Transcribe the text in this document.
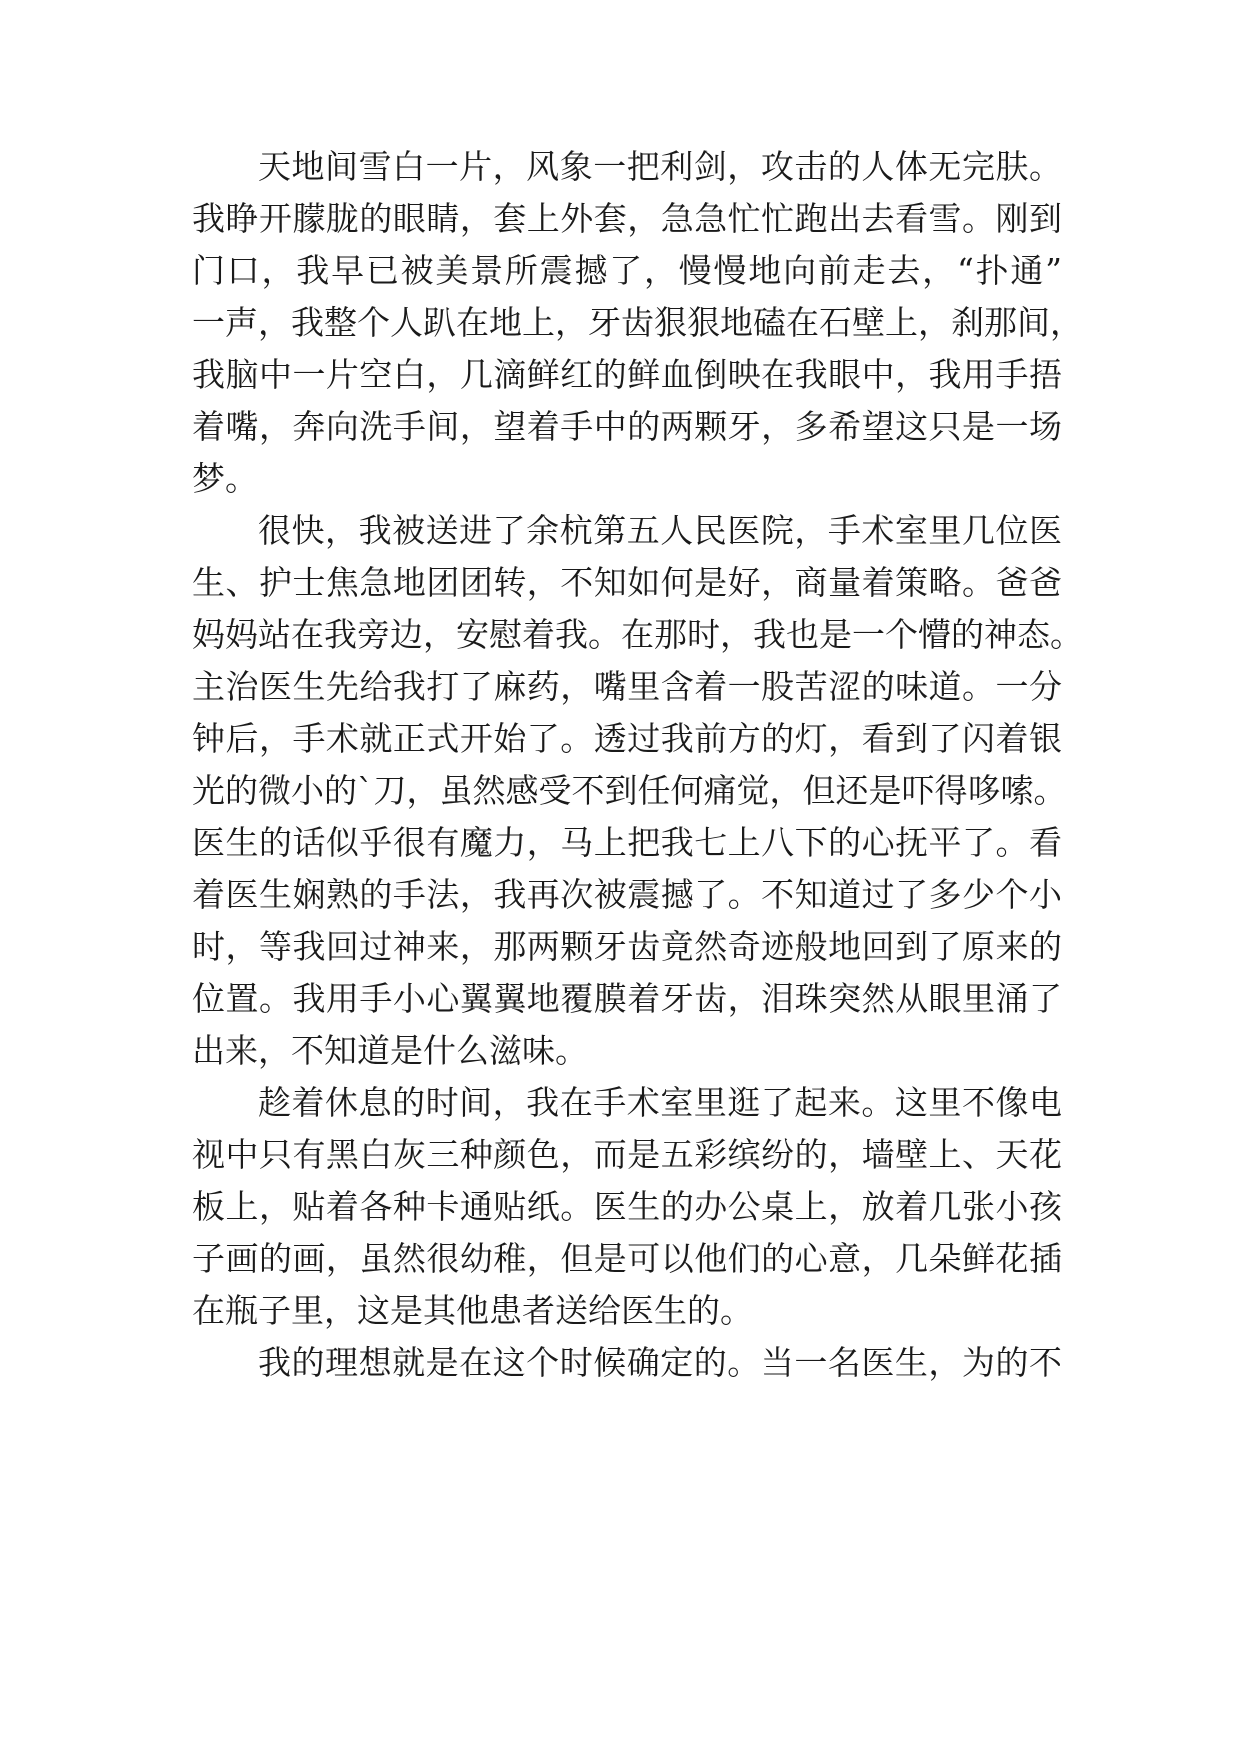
天地间雪白一片，风象一把利剑，攻击的人体无完肤。
我睁开朦胧的眼睛，套上外套，急急忙忙跑出去看雪。刚到
门口，我早已被美景所震撼了，慢慢地向前走去，“扑通”
一声，我整个人趴在地上，牙齿狠狠地磕在石壁上，刹那间，
我脑中一片空白，几滴鲜红的鲜血倒映在我眼中，我用手捂
着嘴，奔向洗手间，望着手中的两颗牙，多希望这只是一场
梦。
很快，我被送进了余杭第五人民医院，手术室里几位医
生、护士焦急地团团转，不知如何是好，商量着策略。爸爸
妈妈站在我旁边，安慰着我。在那时，我也是一个懵的神态。
主治医生先给我打了麻药，嘴里含着一股苦涩的味道。一分
钟后，手术就正式开始了。透过我前方的灯，看到了闪着银
光的微小的`刀，虽然感受不到任何痛觉，但还是吓得哆嗦。
医生的话似乎很有魔力，马上把我七上八下的心抚平了。看
着医生娴熟的手法，我再次被震撼了。不知道过了多少个小
时，等我回过神来，那两颗牙齿竟然奇迹般地回到了原来的
位置。我用手小心翼翼地覆膜着牙齿，泪珠突然从眼里涌了
出来，不知道是什么滋味。
趁着休息的时间，我在手术室里逛了起来。这里不像电
视中只有黑白灰三种颜色，而是五彩缤纷的，墙壁上、天花
板上，贴着各种卡通贴纸。医生的办公桌上，放着几张小孩
子画的画，虽然很幼稚，但是可以他们的心意，几朵鲜花插
在瓶子里，这是其他患者送给医生的。
我的理想就是在这个时候确定的。当一名医生，为的不
